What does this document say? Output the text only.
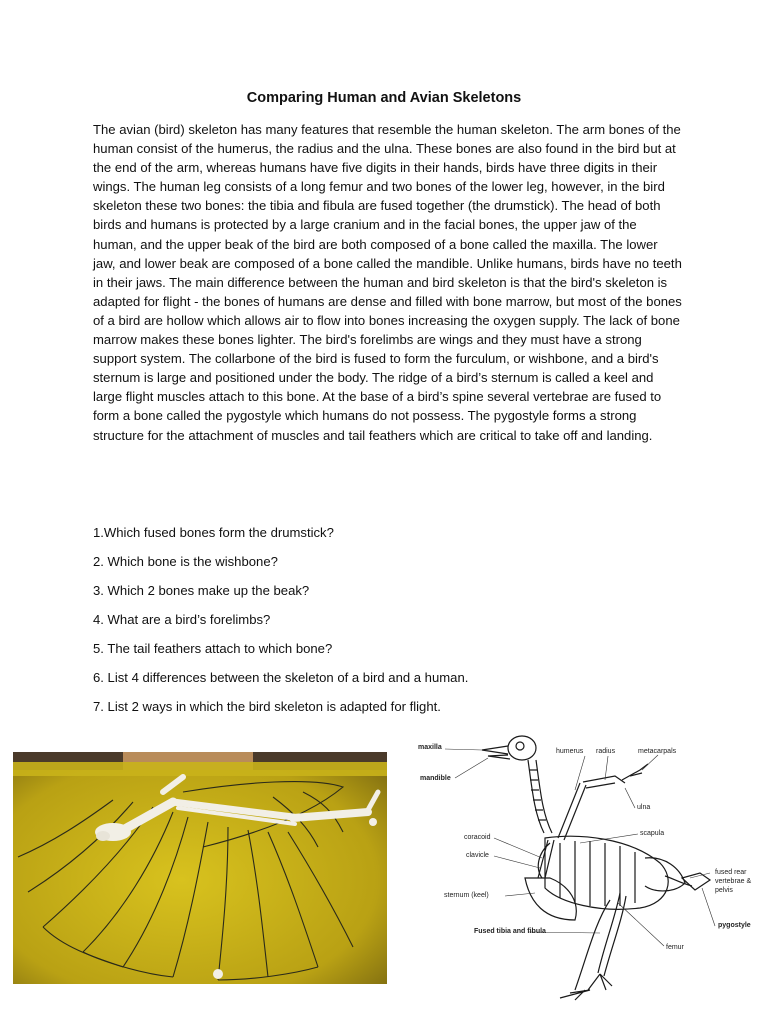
Comparing Human and Avian Skeletons

The avian (bird) skeleton has many features that resemble the human skeleton. The arm bones of the human consist of the humerus, the radius and the ulna. These bones are also found in the bird but at the end of the arm, whereas humans have five digits in their hands, birds have three digits in their wings. The human leg consists of a long femur and two bones of the lower leg, however, in the bird skeleton these two bones: the tibia and fibula are fused together (the drumstick). The head of both birds and humans is protected by a large cranium and in the facial bones, the upper jaw of the human, and the upper beak of the bird are both composed of a bone called the maxilla. The lower jaw, and lower beak are composed of a bone called the mandible. Unlike humans, birds have no teeth in their jaws. The main difference between the human and bird skeleton is that the bird's skeleton is adapted for flight - the bones of humans are dense and filled with bone marrow, but most of the bones of a bird are hollow which allows air to flow into bones increasing the oxygen supply. The lack of bone marrow makes these bones lighter. The bird's forelimbs are wings and they must have a strong support system. The collarbone of the bird is fused to form the furculum, or wishbone, and a bird's sternum is large and positioned under the body. The ridge of a bird’s sternum is called a keel and large flight muscles attach to this bone. At the base of a bird’s spine several vertebrae are fused to form a bone called the pygostyle which humans do not possess. The pygostyle forms a strong structure for the attachment of muscles and tail feathers which are critical to take off and landing.

1.Which fused bones form the drumstick?
2. Which bone is the wishbone?
3. Which 2 bones make up the beak?
4. What are a bird’s forelimbs?
5. The tail feathers attach to which bone?
6. List 4 differences between the skeleton of a bird and a human.
7. List 2 ways in which the bird skeleton is adapted for flight.
maxilla
mandible
humerus radius	metacarpals
ulna
scapula
coracoid
clavicle
sternum (keel)
fused rear
vertebrae &
pelvis
pygostyle
Fused tibia and fibula
femur
